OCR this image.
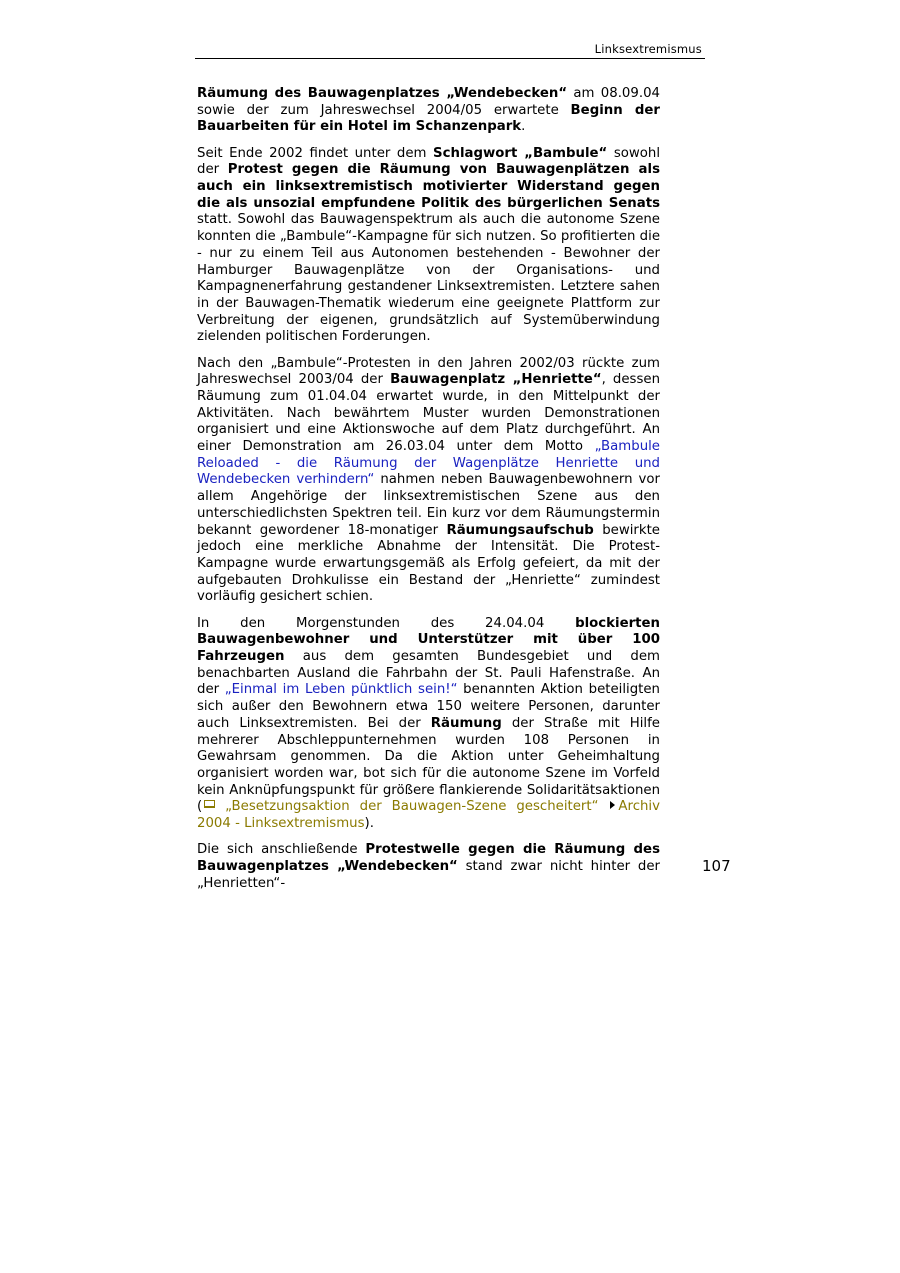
Linksextremismus

Räumung des Bauwagenplatzes „Wendebecken“ am 08.09.04 sowie der zum Jahreswechsel 2004/05 erwartete Beginn der Bauarbeiten für ein Hotel im Schanzenpark.

Seit Ende 2002 findet unter dem Schlagwort „Bambule“ sowohl der Protest gegen die Räumung von Bauwagenplätzen als auch ein linksextremistisch motivierter Widerstand gegen die als unsozial empfundene Politik des bürgerlichen Senats statt. Sowohl das Bauwagenspektrum als auch die autonome Szene konnten die „Bambule“-Kampagne für sich nutzen. So profitierten die - nur zu einem Teil aus Autonomen bestehenden - Bewohner der Hamburger Bauwagenplätze von der Organisations- und Kampagnenerfahrung gestandener Linksextremisten. Letztere sahen in der Bauwagen-Thematik wiederum eine geeignete Plattform zur Verbreitung der eigenen, grundsätzlich auf Systemüberwindung zielenden politischen Forderungen.

Nach den „Bambule“-Protesten in den Jahren 2002/03 rückte zum Jahreswechsel 2003/04 der Bauwagenplatz „Henriette“, dessen Räumung zum 01.04.04 erwartet wurde, in den Mittelpunkt der Aktivitäten. Nach bewährtem Muster wurden Demonstrationen organisiert und eine Aktionswoche auf dem Platz durchgeführt. An einer Demonstration am 26.03.04 unter dem Motto „Bambule Reloaded - die Räumung der Wagenplätze Henriette und Wendebecken verhindern“ nahmen neben Bauwagenbewohnern vor allem Angehörige der linksextremistischen Szene aus den unterschiedlichsten Spektren teil. Ein kurz vor dem Räumungstermin bekannt gewordener 18-monatiger Räumungsaufschub bewirkte jedoch eine merkliche Abnahme der Intensität. Die Protest-Kampagne wurde erwartungsgemäß als Erfolg gefeiert, da mit der aufgebauten Drohkulisse ein Bestand der „Henriette“ zumindest vorläufig gesichert schien.

In den Morgenstunden des 24.04.04 blockierten Bauwagenbewohner und Unterstützer mit über 100 Fahrzeugen aus dem gesamten Bundesgebiet und dem benachbarten Ausland die Fahrbahn der St. Pauli Hafenstraße. An der „Einmal im Leben pünktlich sein!“ benannten Aktion beteiligten sich außer den Bewohnern etwa 150 weitere Personen, darunter auch Linksextremisten. Bei der Räumung der Straße mit Hilfe mehrerer Abschleppunternehmen wurden 108 Personen in Gewahrsam genommen. Da die Aktion unter Geheimhaltung organisiert worden war, bot sich für die autonome Szene im Vorfeld kein Anknüpfungspunkt für größere flankierende Solidaritätsaktionen ( „Besetzungsaktion der Bauwagen-Szene gescheitert“ Archiv 2004 - Linksextremismus).

Die sich anschließende Protestwelle gegen die Räumung des Bauwagenplatzes „Wendebecken“ stand zwar nicht hinter der „Henrietten“-

107
